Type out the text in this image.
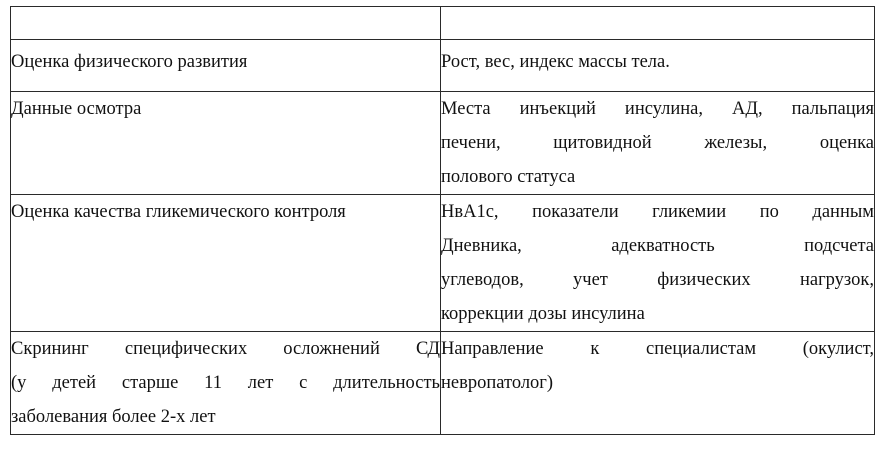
Оценка физического развития	Рост, вес, индекс массы тела.

Данные осмотра	Места инъекций инсулина, АД, пальпация
печени, щитовидной железы, оценка
полового статуса

Оценка качества гликемического контроля	НвА1с, показатели гликемии по данным
Дневника, адекватность подсчета
углеводов, учет физических нагрузок,
коррекции дозы инсулина

Скрининг специфических осложнений СД
(у детей старше 11 лет с длительность
заболевания более 2-х лет	Направление к специалистам (окулист,
невропатолог)
